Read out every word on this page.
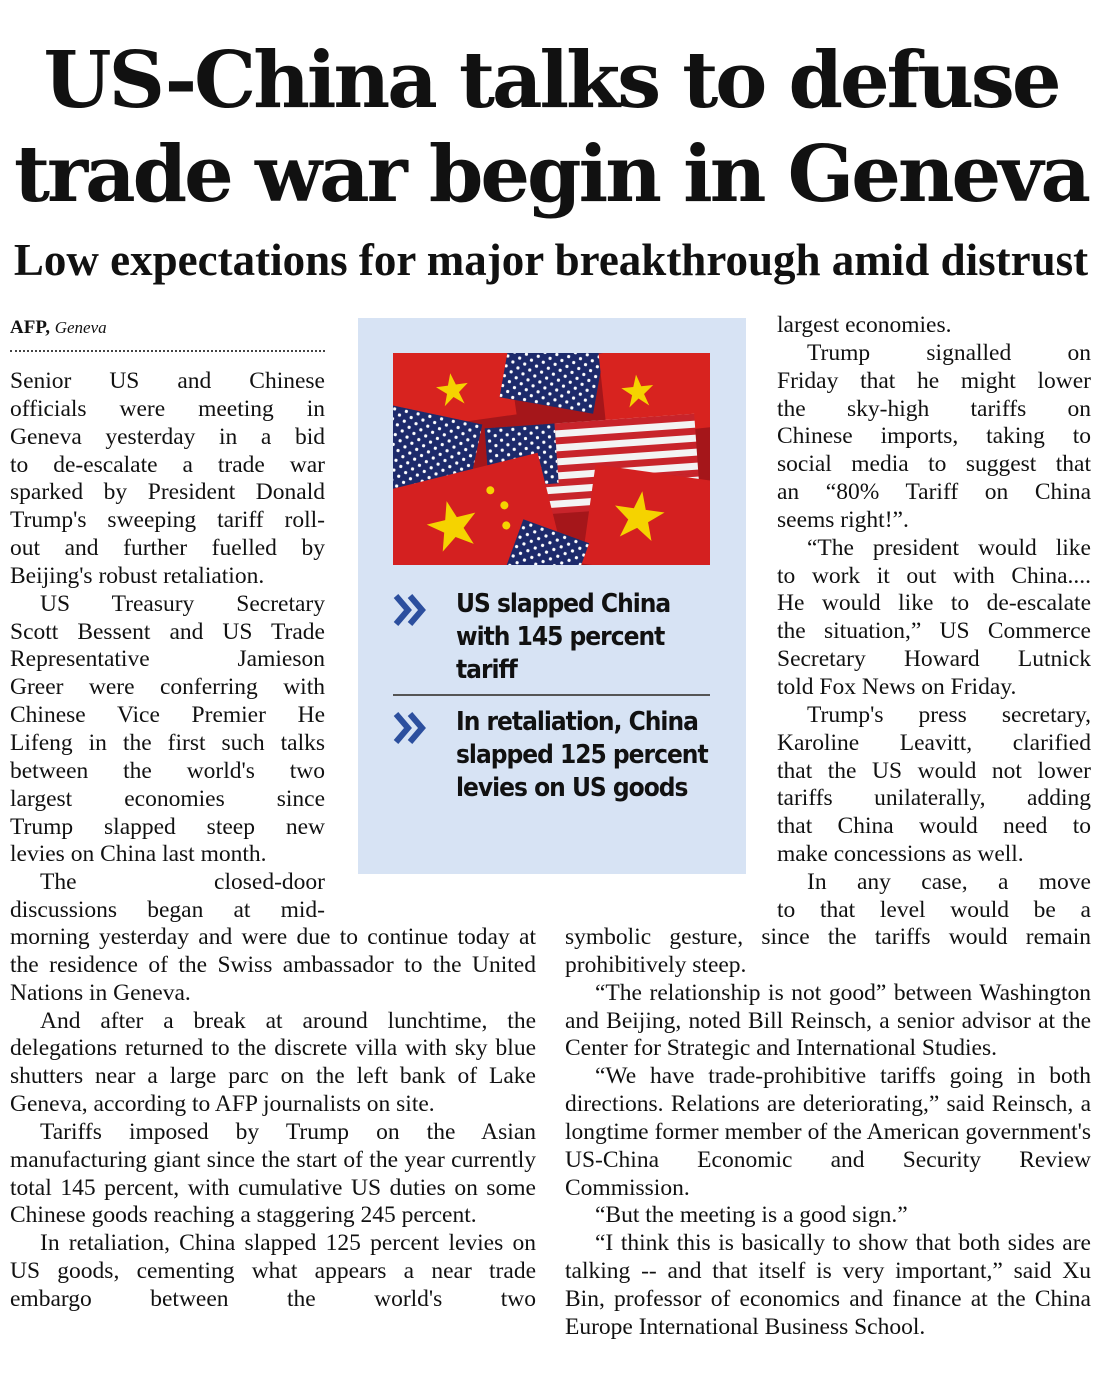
US-China talks to defuse
trade war begin in Geneva
Low expectations for major breakthrough amid distrust
AFP, Geneva
Senior US and Chinese
officials were meeting in
Geneva yesterday in a bid
to de-escalate a trade war
sparked by President Donald
Trump's sweeping tariff roll-
out and further fuelled by
Beijing's robust retaliation.
US Treasury Secretary
Scott Bessent and US Trade
Representative Jamieson
Greer were conferring with
Chinese Vice Premier He
Lifeng in the first such talks
between the world's two
largest economies since
Trump slapped steep new
levies on China last month.
The closed-door
discussions began at mid-

morning yesterday and were due to continue today at the residence of the Swiss ambassador to the United Nations in Geneva.

And after a break at around lunchtime, the delegations returned to the discrete villa with sky blue shutters near a large parc on the left bank of Lake Geneva, according to AFP journalists on site.

Tariffs imposed by Trump on the Asian manufacturing giant since the start of the year currently total 145 percent, with cumulative US duties on some Chinese goods reaching a staggering 245 percent.

In retaliation, China slapped 125 percent levies on US goods, cementing what appears a near trade embargo between the world's two

largest economies.
Trump signalled on
Friday that he might lower
the sky-high tariffs on
Chinese imports, taking to
social media to suggest that
an “80% Tariff on China
seems right!”.
“The president would like
to work it out with China....
He would like to de-escalate
the situation,” US Commerce
Secretary Howard Lutnick
told Fox News on Friday.
Trump's press secretary,
Karoline Leavitt, clarified
that the US would not lower
tariffs unilaterally, adding
that China would need to
make concessions as well.
In any case, a move
to that level would be a

symbolic gesture, since the tariffs would remain prohibitively steep.

“The relationship is not good” between Washington and Beijing, noted Bill Reinsch, a senior advisor at the Center for Strategic and International Studies.

“We have trade-prohibitive tariffs going in both directions. Relations are deteriorating,” said Reinsch, a longtime former member of the American government's US-China Economic and Security Review Commission.

“But the meeting is a good sign.”

“I think this is basically to show that both sides are talking -- and that itself is very important,” said Xu Bin, professor of economics and finance at the China Europe International Business School.

US slapped China with 145 percent tariff
In retaliation, China slapped 125 percent levies on US goods
